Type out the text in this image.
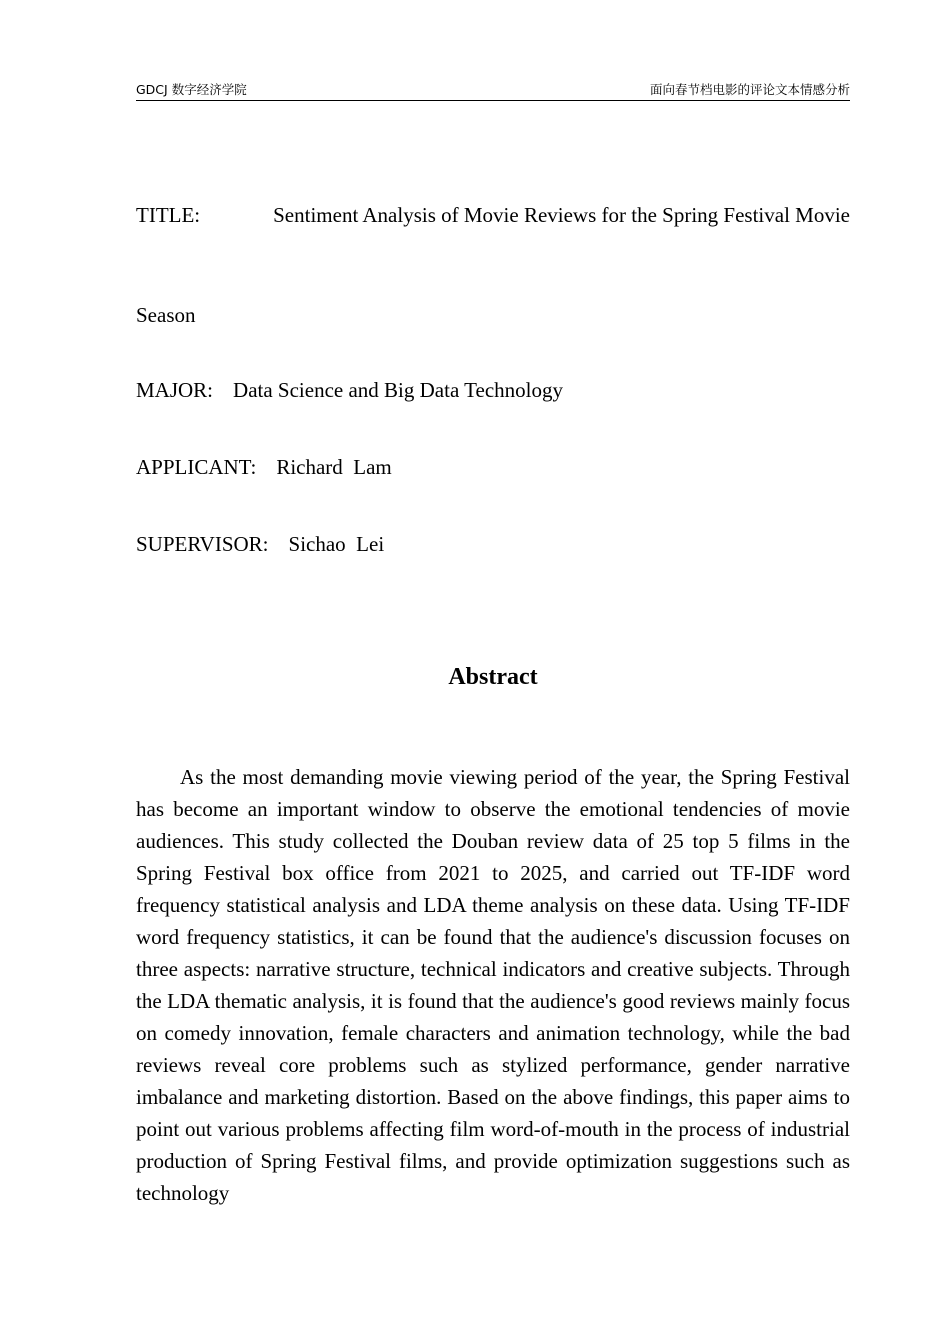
GDCJ 数字经济学院	面向春节档电影的评论文本情感分析
TITLE:	Sentiment Analysis of Movie Reviews for the Spring Festival Movie
Season
MAJOR: Data Science and Big Data Technology
APPLICANT: Richard  Lam
SUPERVISOR: Sichao  Lei
Abstract

As the most demanding movie viewing period of the year, the Spring Festival has become an important window to observe the emotional tendencies of movie audiences. This study collected the Douban review data of 25 top 5 films in the Spring Festival box office from 2021 to 2025, and carried out TF-IDF word frequency statistical analysis and LDA theme analysis on these data. Using TF-IDF word frequency statistics, it can be found that the audience's discussion focuses on three aspects: narrative structure, technical indicators and creative subjects. Through the LDA thematic analysis, it is found that the audience's good reviews mainly focus on comedy innovation, female characters and animation technology, while the bad reviews reveal core problems such as stylized performance, gender narrative imbalance and marketing distortion. Based on the above findings, this paper aims to point out various problems affecting film word-of-mouth in the process of industrial production of Spring Festival films, and provide optimization suggestions such as technology
